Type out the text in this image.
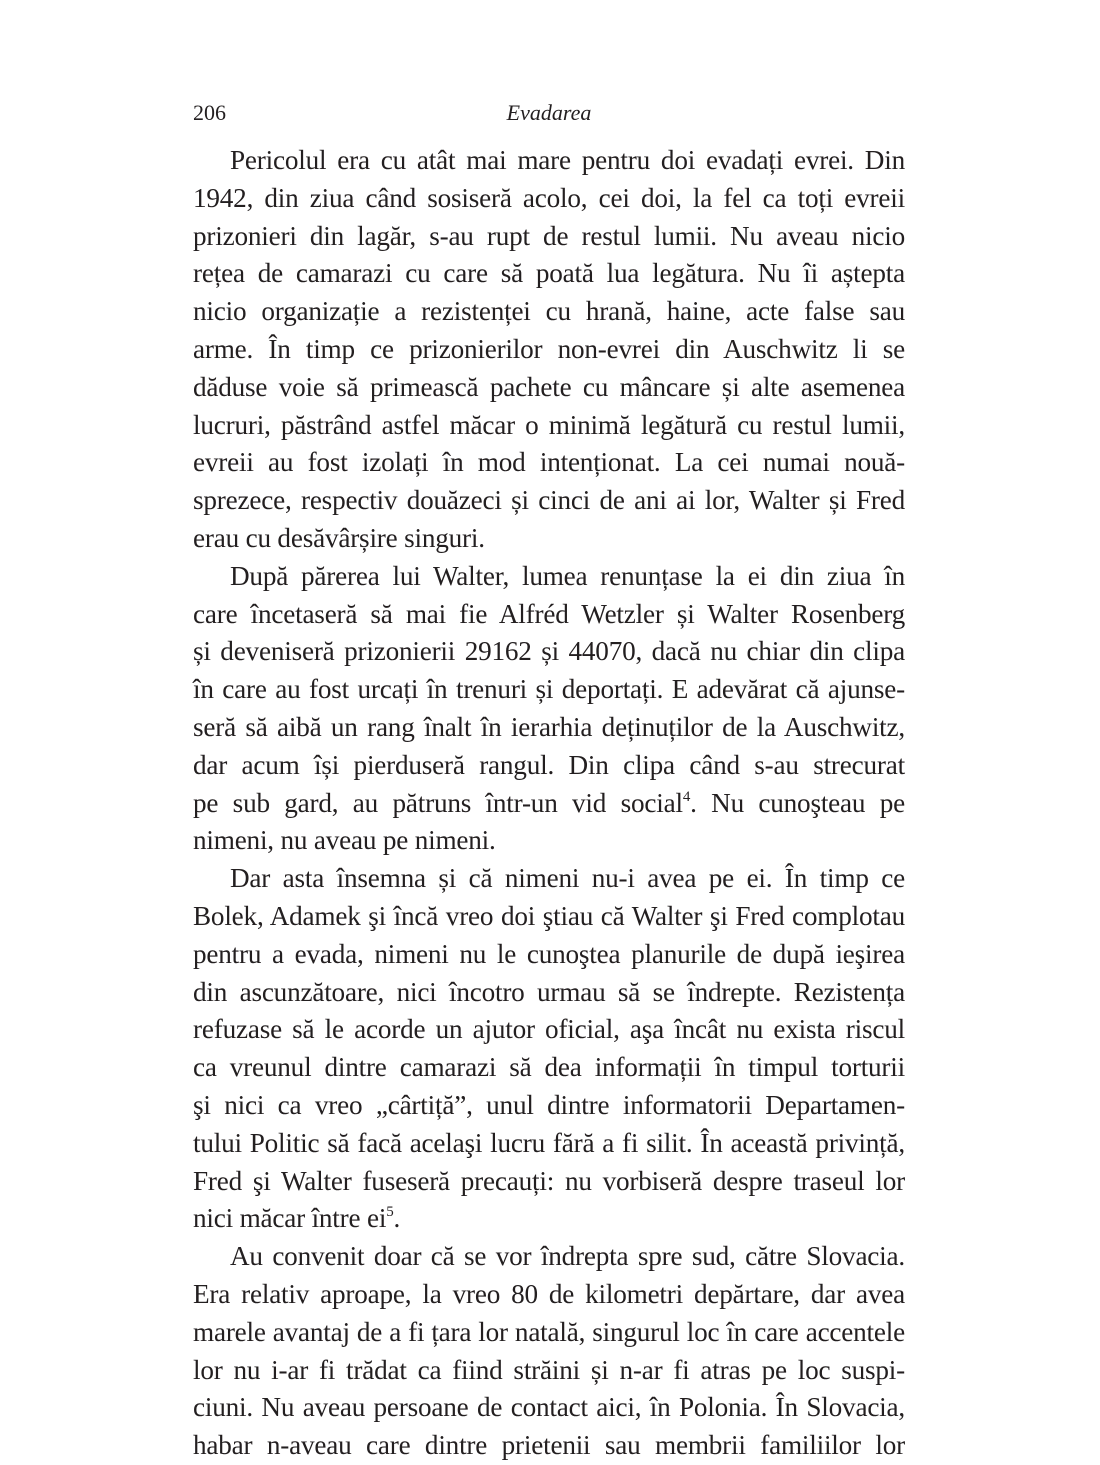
206	Evadarea

Pericolul era cu atât mai mare pentru doi evadați evrei. Din
1942, din ziua când sosiseră acolo, cei doi, la fel ca toți evreii
prizonieri din lagăr, s-au rupt de restul lumii. Nu aveau nicio
rețea de camarazi cu care să poată lua legătura. Nu îi aștepta
nicio organizație a rezistenței cu hrană, haine, acte false sau
arme. În timp ce prizonierilor non-evrei din Auschwitz li se
dăduse voie să primească pachete cu mâncare și alte asemenea
lucruri, păstrând astfel măcar o minimă legătură cu restul lumii,
evreii au fost izolați în mod intenționat. La cei numai nouă-
sprezece, respectiv douăzeci și cinci de ani ai lor, Walter și Fred
erau cu desăvârșire singuri.

După părerea lui Walter, lumea renunțase la ei din ziua în
care încetaseră să mai fie Alfréd Wetzler și Walter Rosenberg
și deveniseră prizonierii 29162 și 44070, dacă nu chiar din clipa
în care au fost urcați în trenuri și deportați. E adevărat că ajunse-
seră să aibă un rang înalt în ierarhia deținuților de la Auschwitz,
dar acum își pierduseră rangul. Din clipa când s-au strecurat
pe sub gard, au pătruns într-un vid social$^4$. Nu cunoşteau pe
nimeni, nu aveau pe nimeni.

Dar asta însemna și că nimeni nu-i avea pe ei. În timp ce
Bolek, Adamek şi încă vreo doi ştiau că Walter şi Fred complotau
pentru a evada, nimeni nu le cunoştea planurile de după ieşirea
din ascunzătoare, nici încotro urmau să se îndrepte. Rezistența
refuzase să le acorde un ajutor oficial, aşa încât nu exista riscul
ca vreunul dintre camarazi să dea informații în timpul torturii
şi nici ca vreo „cârtiță”, unul dintre informatorii Departamen-
tului Politic să facă acelaşi lucru fără a fi silit. În această privință,
Fred şi Walter fuseseră precauți: nu vorbiseră despre traseul lor
nici măcar între $ei^5$.

Au convenit doar că se vor îndrepta spre sud, către Slovacia.
Era relativ aproape, la vreo 80 de kilometri depărtare, dar avea
marele avantaj de a fi țara lor natală, singurul loc în care accentele
lor nu i-ar fi trădat ca fiind străini și n-ar fi atras pe loc suspi-
ciuni. Nu aveau persoane de contact aici, în Polonia. În Slovacia,
habar n-aveau care dintre prietenii sau membrii familiilor lor
